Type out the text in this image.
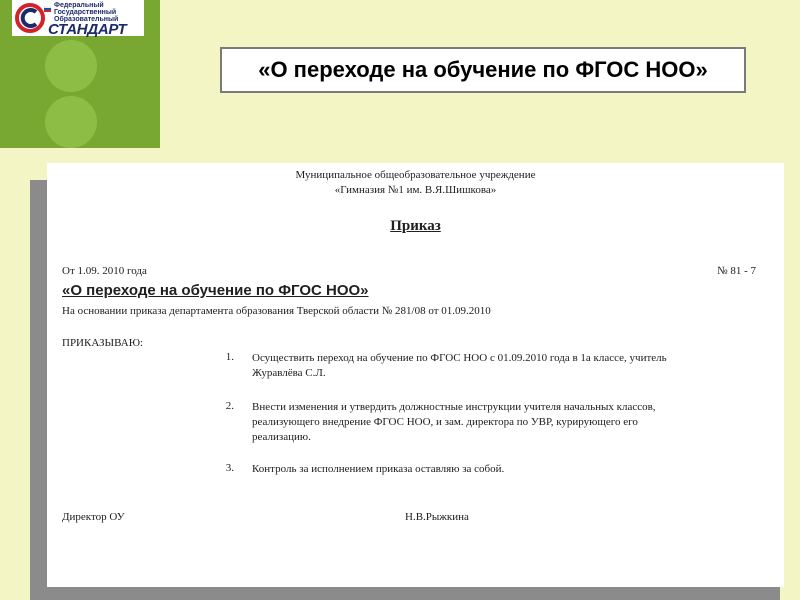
Федеральный
Государственный
Образовательный
СТАНДАРТ
«О переходе на обучение по ФГОС НОО»
Муниципальное общеобразовательное учреждение
«Гимназия №1 им. В.Я.Шишкова»
Приказ
От 1.09. 2010 года	№ 81 - 7
«О переходе на обучение по ФГОС НОО»
На основании приказа департамента образования Тверской области № 281/08 от 01.09.2010
ПРИКАЗЫВАЮ:
1. Осуществить переход на обучение по ФГОС НОО с 01.09.2010 года в 1а классе, учитель
Журавлёва С.Л.
2. Внести изменения и утвердить должностные инструкции учителя начальных классов,
реализующего внедрение ФГОС НОО, и зам. директора по УВР, курирующего его
реализацию.
3. Контроль за исполнением приказа оставляю за собой.
Директор ОУ	Н.В.Рыжкина
